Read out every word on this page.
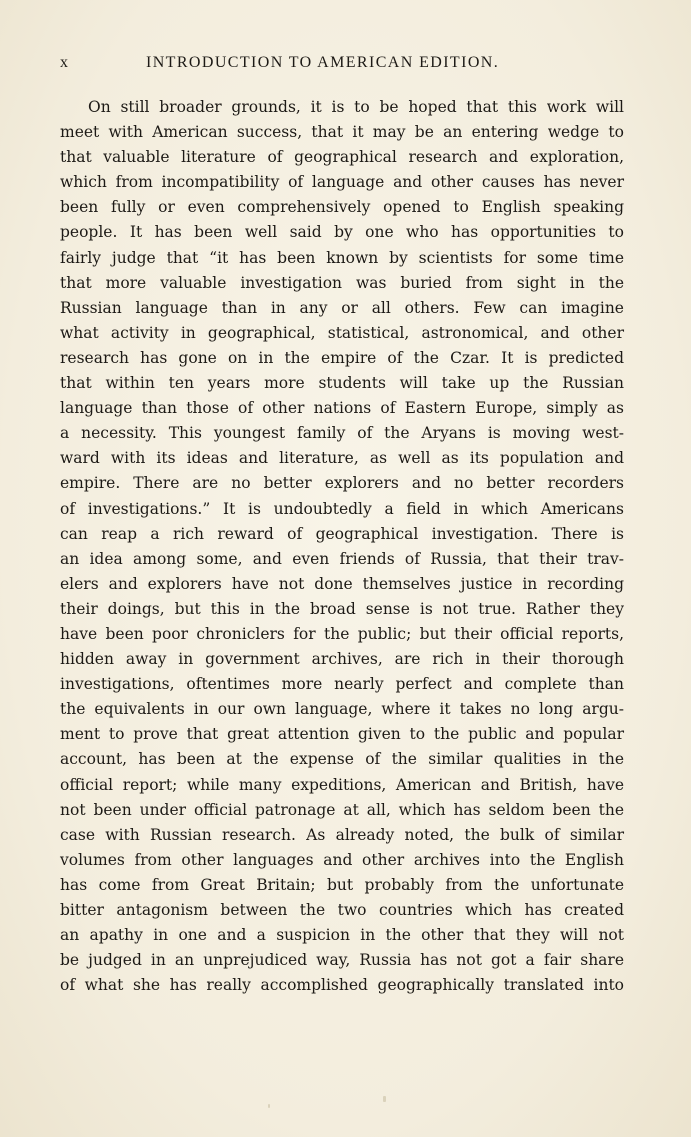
x	INTRODUCTION TO AMERICAN EDITION.
On still broader grounds, it is to be hoped that this work will
meet with American success, that it may be an entering wedge to
that valuable literature of geographical research and exploration,
which from incompatibility of language and other causes has never
been fully or even comprehensively opened to English speaking
people. It has been well said by one who has opportunities to
fairly judge that “it has been known by scientists for some time
that more valuable investigation was buried from sight in the
Russian language than in any or all others. Few can imagine
what activity in geographical, statistical, astronomical, and other
research has gone on in the empire of the Czar. It is predicted
that within ten years more students will take up the Russian
language than those of other nations of Eastern Europe, simply as
a necessity. This youngest family of the Aryans is moving west-
ward with its ideas and literature, as well as its population and
empire. There are no better explorers and no better recorders
of investigations.” It is undoubtedly a field in which Americans
can reap a rich reward of geographical investigation. There is
an idea among some, and even friends of Russia, that their trav-
elers and explorers have not done themselves justice in recording
their doings, but this in the broad sense is not true. Rather they
have been poor chroniclers for the public; but their official reports,
hidden away in government archives, are rich in their thorough
investigations, oftentimes more nearly perfect and complete than
the equivalents in our own language, where it takes no long argu-
ment to prove that great attention given to the public and popular
account, has been at the expense of the similar qualities in the
official report; while many expeditions, American and British, have
not been under official patronage at all, which has seldom been the
case with Russian research. As already noted, the bulk of similar
volumes from other languages and other archives into the English
has come from Great Britain; but probably from the unfortunate
bitter antagonism between the two countries which has created
an apathy in one and a suspicion in the other that they will not
be judged in an unprejudiced way, Russia has not got a fair share
of what she has really accomplished geographically translated into
